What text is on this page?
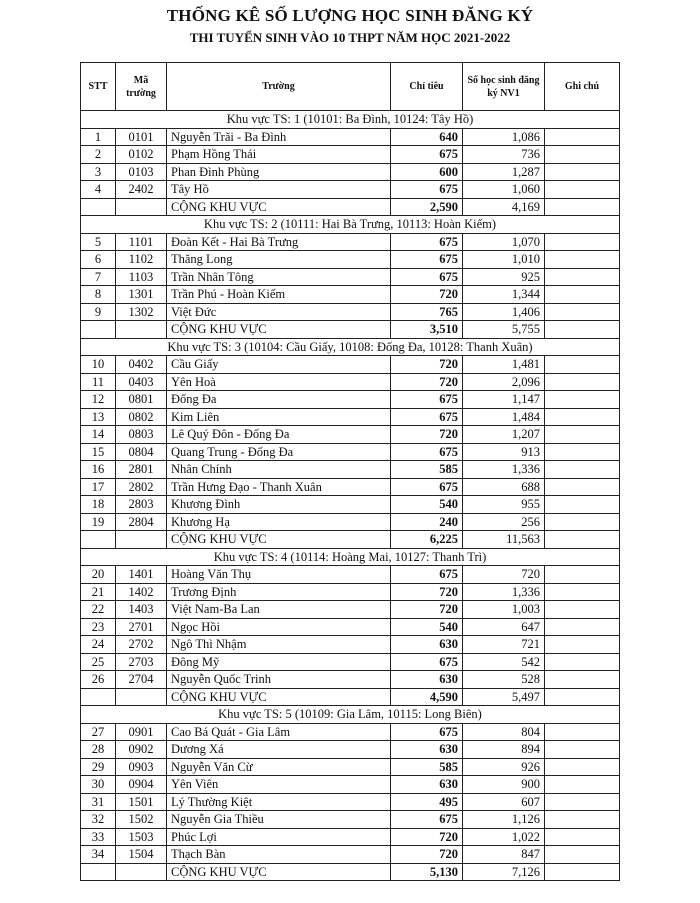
THỐNG KÊ SỐ LƯỢNG HỌC SINH ĐĂNG KÝ
THI TUYỂN SINH VÀO 10 THPT NĂM HỌC 2021-2022
STT	Mã trường	Trường	Chỉ tiêu	Số học sinh đăng ký NV1	Ghi chú
Khu vực TS: 1 (10101: Ba Đình, 10124: Tây Hồ)					
1	0101	Nguyễn Trãi - Ba Đình	640	1,086	
2	0102	Phạm Hồng Thái	675	736	
3	0103	Phan Đình Phùng	600	1,287	
4	2402	Tây Hồ	675	1,060	
		CỘNG KHU VỰC	2,590	4,169	
Khu vực TS: 2 (10111: Hai Bà Trưng, 10113: Hoàn Kiếm)					
5	1101	Đoàn Kết - Hai Bà Trưng	675	1,070	
6	1102	Thăng Long	675	1,010	
7	1103	Trần Nhân Tông	675	925	
8	1301	Trần Phú - Hoàn Kiếm	720	1,344	
9	1302	Việt Đức	765	1,406	
		CỘNG KHU VỰC	3,510	5,755	
Khu vực TS: 3 (10104: Cầu Giấy, 10108: Đống Đa, 10128: Thanh Xuân)					
10	0402	Cầu Giấy	720	1,481	
11	0403	Yên Hoà	720	2,096	
12	0801	Đống Đa	675	1,147	
13	0802	Kim Liên	675	1,484	
14	0803	Lê Quý Đôn - Đống Đa	720	1,207	
15	0804	Quang Trung - Đống Đa	675	913	
16	2801	Nhân Chính	585	1,336	
17	2802	Trần Hưng Đạo - Thanh Xuân	675	688	
18	2803	Khương Đình	540	955	
19	2804	Khương Hạ	240	256	
		CỘNG KHU VỰC	6,225	11,563	
Khu vực TS: 4 (10114: Hoàng Mai, 10127: Thanh Trì)					
20	1401	Hoàng Văn Thụ	675	720	
21	1402	Trương Định	720	1,336	
22	1403	Việt Nam-Ba Lan	720	1,003	
23	2701	Ngọc Hồi	540	647	
24	2702	Ngô Thì Nhậm	630	721	
25	2703	Đông Mỹ	675	542	
26	2704	Nguyễn Quốc Trinh	630	528	
		CỘNG KHU VỰC	4,590	5,497	
Khu vực TS: 5 (10109: Gia Lâm, 10115: Long Biên)					
27	0901	Cao Bá Quát - Gia Lâm	675	804	
28	0902	Dương Xá	630	894	
29	0903	Nguyễn Văn Cừ	585	926	
30	0904	Yên Viên	630	900	
31	1501	Lý Thường Kiệt	495	607	
32	1502	Nguyễn Gia Thiều	675	1,126	
33	1503	Phúc Lợi	720	1,022	
34	1504	Thạch Bàn	720	847	
		CỘNG KHU VỰC	5,130	7,126	
